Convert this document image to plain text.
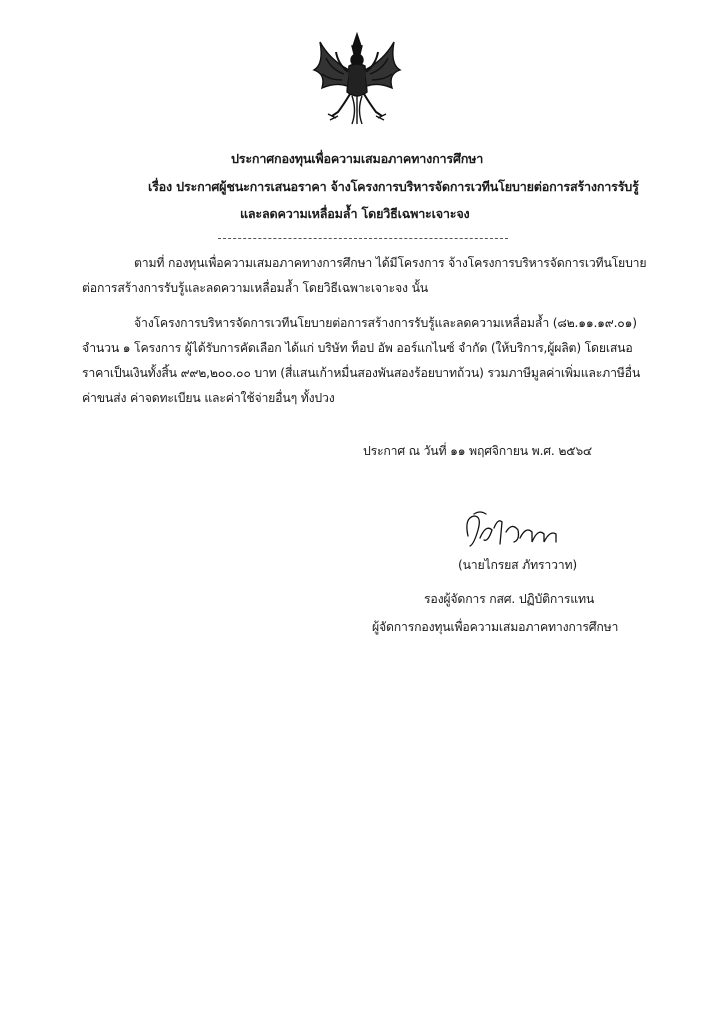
ประกาศกองทุนเพื่อความเสมอภาคทางการศึกษา
เรื่อง ประกาศผู้ชนะการเสนอราคา จ้างโครงการบริหารจัดการเวทีนโยบายต่อการสร้างการรับรู้
และลดความเหลื่อมล้ำ โดยวิธีเฉพาะเจาะจง
ตามที่ กองทุนเพื่อความเสมอภาคทางการศึกษา ได้มีโครงการ จ้างโครงการบริหารจัดการเวทีนโยบาย
ต่อการสร้างการรับรู้และลดความเหลื่อมล้ำ โดยวิธีเฉพาะเจาะจง นั้น
จ้างโครงการบริหารจัดการเวทีนโยบายต่อการสร้างการรับรู้และลดความเหลื่อมล้ำ (๘๒.๑๑.๑๙.๐๑)
จำนวน ๑ โครงการ ผู้ได้รับการคัดเลือก ได้แก่ บริษัท ท็อป อัพ ออร์แกไนซ์ จำกัด (ให้บริการ,ผู้ผลิต) โดยเสนอ
ราคาเป็นเงินทั้งสิ้น ๙๙๒,๒๐๐.๐๐ บาท (สี่แสนเก้าหมื่นสองพันสองร้อยบาทถ้วน) รวมภาษีมูลค่าเพิ่มและภาษีอื่น
ค่าขนส่ง ค่าจดทะเบียน และค่าใช้จ่ายอื่นๆ ทั้งปวง
ประกาศ ณ วันที่ ๑๑ พฤศจิกายน พ.ศ. ๒๕๖๔
(นายไกรยส ภัทราวาท)
รองผู้จัดการ กสศ. ปฏิบัติการแทน
ผู้จัดการกองทุนเพื่อความเสมอภาคทางการศึกษา
